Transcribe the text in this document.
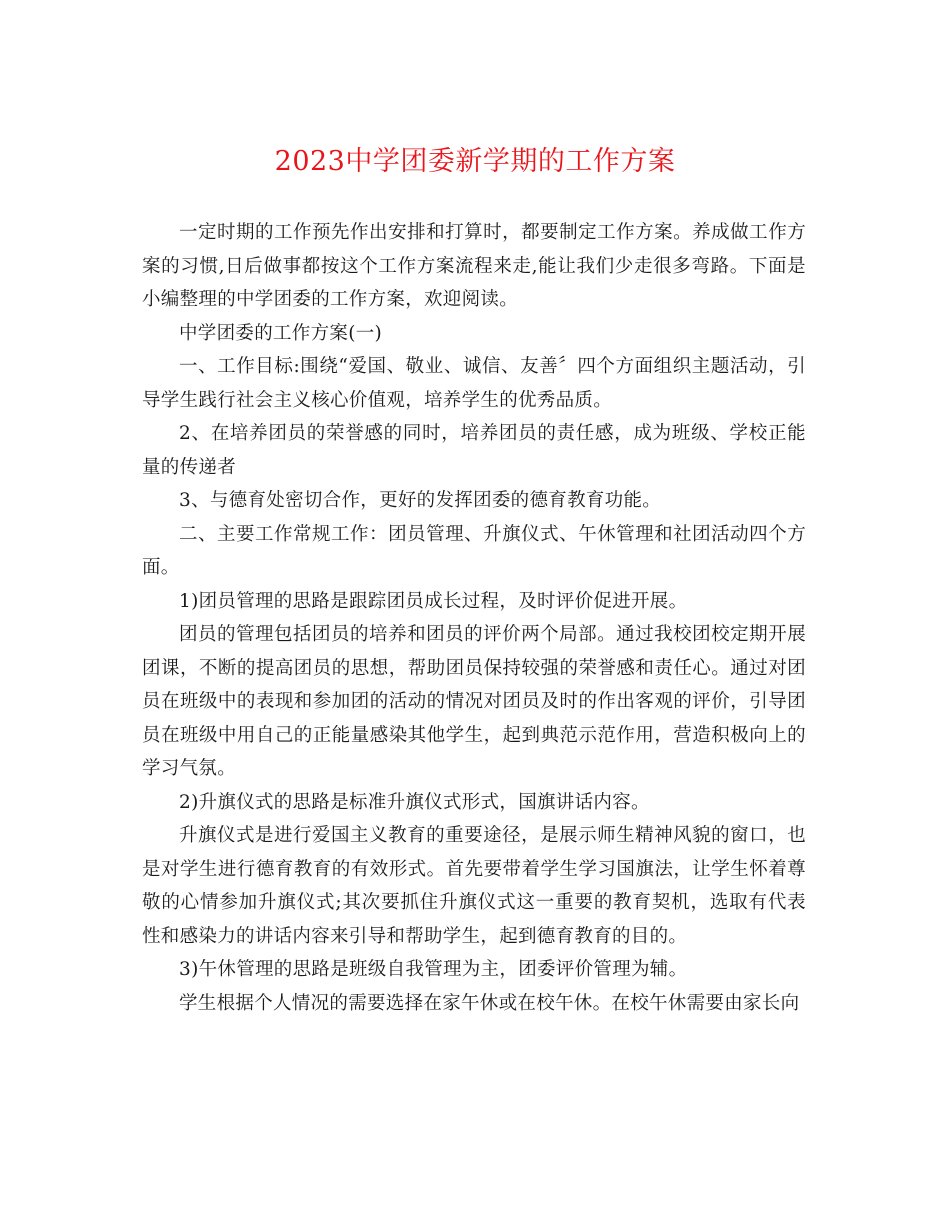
2023中学团委新学期的工作方案

一定时期的工作预先作出安排和打算时，都要制定工作方案。养成做工作方案的习惯,日后做事都按这个工作方案流程来走,能让我们少走很多弯路。下面是小编整理的中学团委的工作方案，欢迎阅读。

中学团委的工作方案(一)

一、工作目标:围绕“爱国、敬业、诚信、友善〞四个方面组织主题活动，引导学生践行社会主义核心价值观，培养学生的优秀品质。

2、在培养团员的荣誉感的同时，培养团员的责任感，成为班级、学校正能量的传递者

3、与德育处密切合作，更好的发挥团委的德育教育功能。

二、主要工作常规工作：团员管理、升旗仪式、午休管理和社团活动四个方面。

1)团员管理的思路是跟踪团员成长过程，及时评价促进开展。

团员的管理包括团员的培养和团员的评价两个局部。通过我校团校定期开展团课，不断的提高团员的思想，帮助团员保持较强的荣誉感和责任心。通过对团员在班级中的表现和参加团的活动的情况对团员及时的作出客观的评价，引导团员在班级中用自己的正能量感染其他学生，起到典范示范作用，营造积极向上的学习气氛。

2)升旗仪式的思路是标准升旗仪式形式，国旗讲话内容。

升旗仪式是进行爱国主义教育的重要途径，是展示师生精神风貌的窗口，也是对学生进行德育教育的有效形式。首先要带着学生学习国旗法，让学生怀着尊敬的心情参加升旗仪式;其次要抓住升旗仪式这一重要的教育契机，选取有代表性和感染力的讲话内容来引导和帮助学生，起到德育教育的目的。

3)午休管理的思路是班级自我管理为主，团委评价管理为辅。

学生根据个人情况的需要选择在家午休或在校午休。在校午休需要由家长向
